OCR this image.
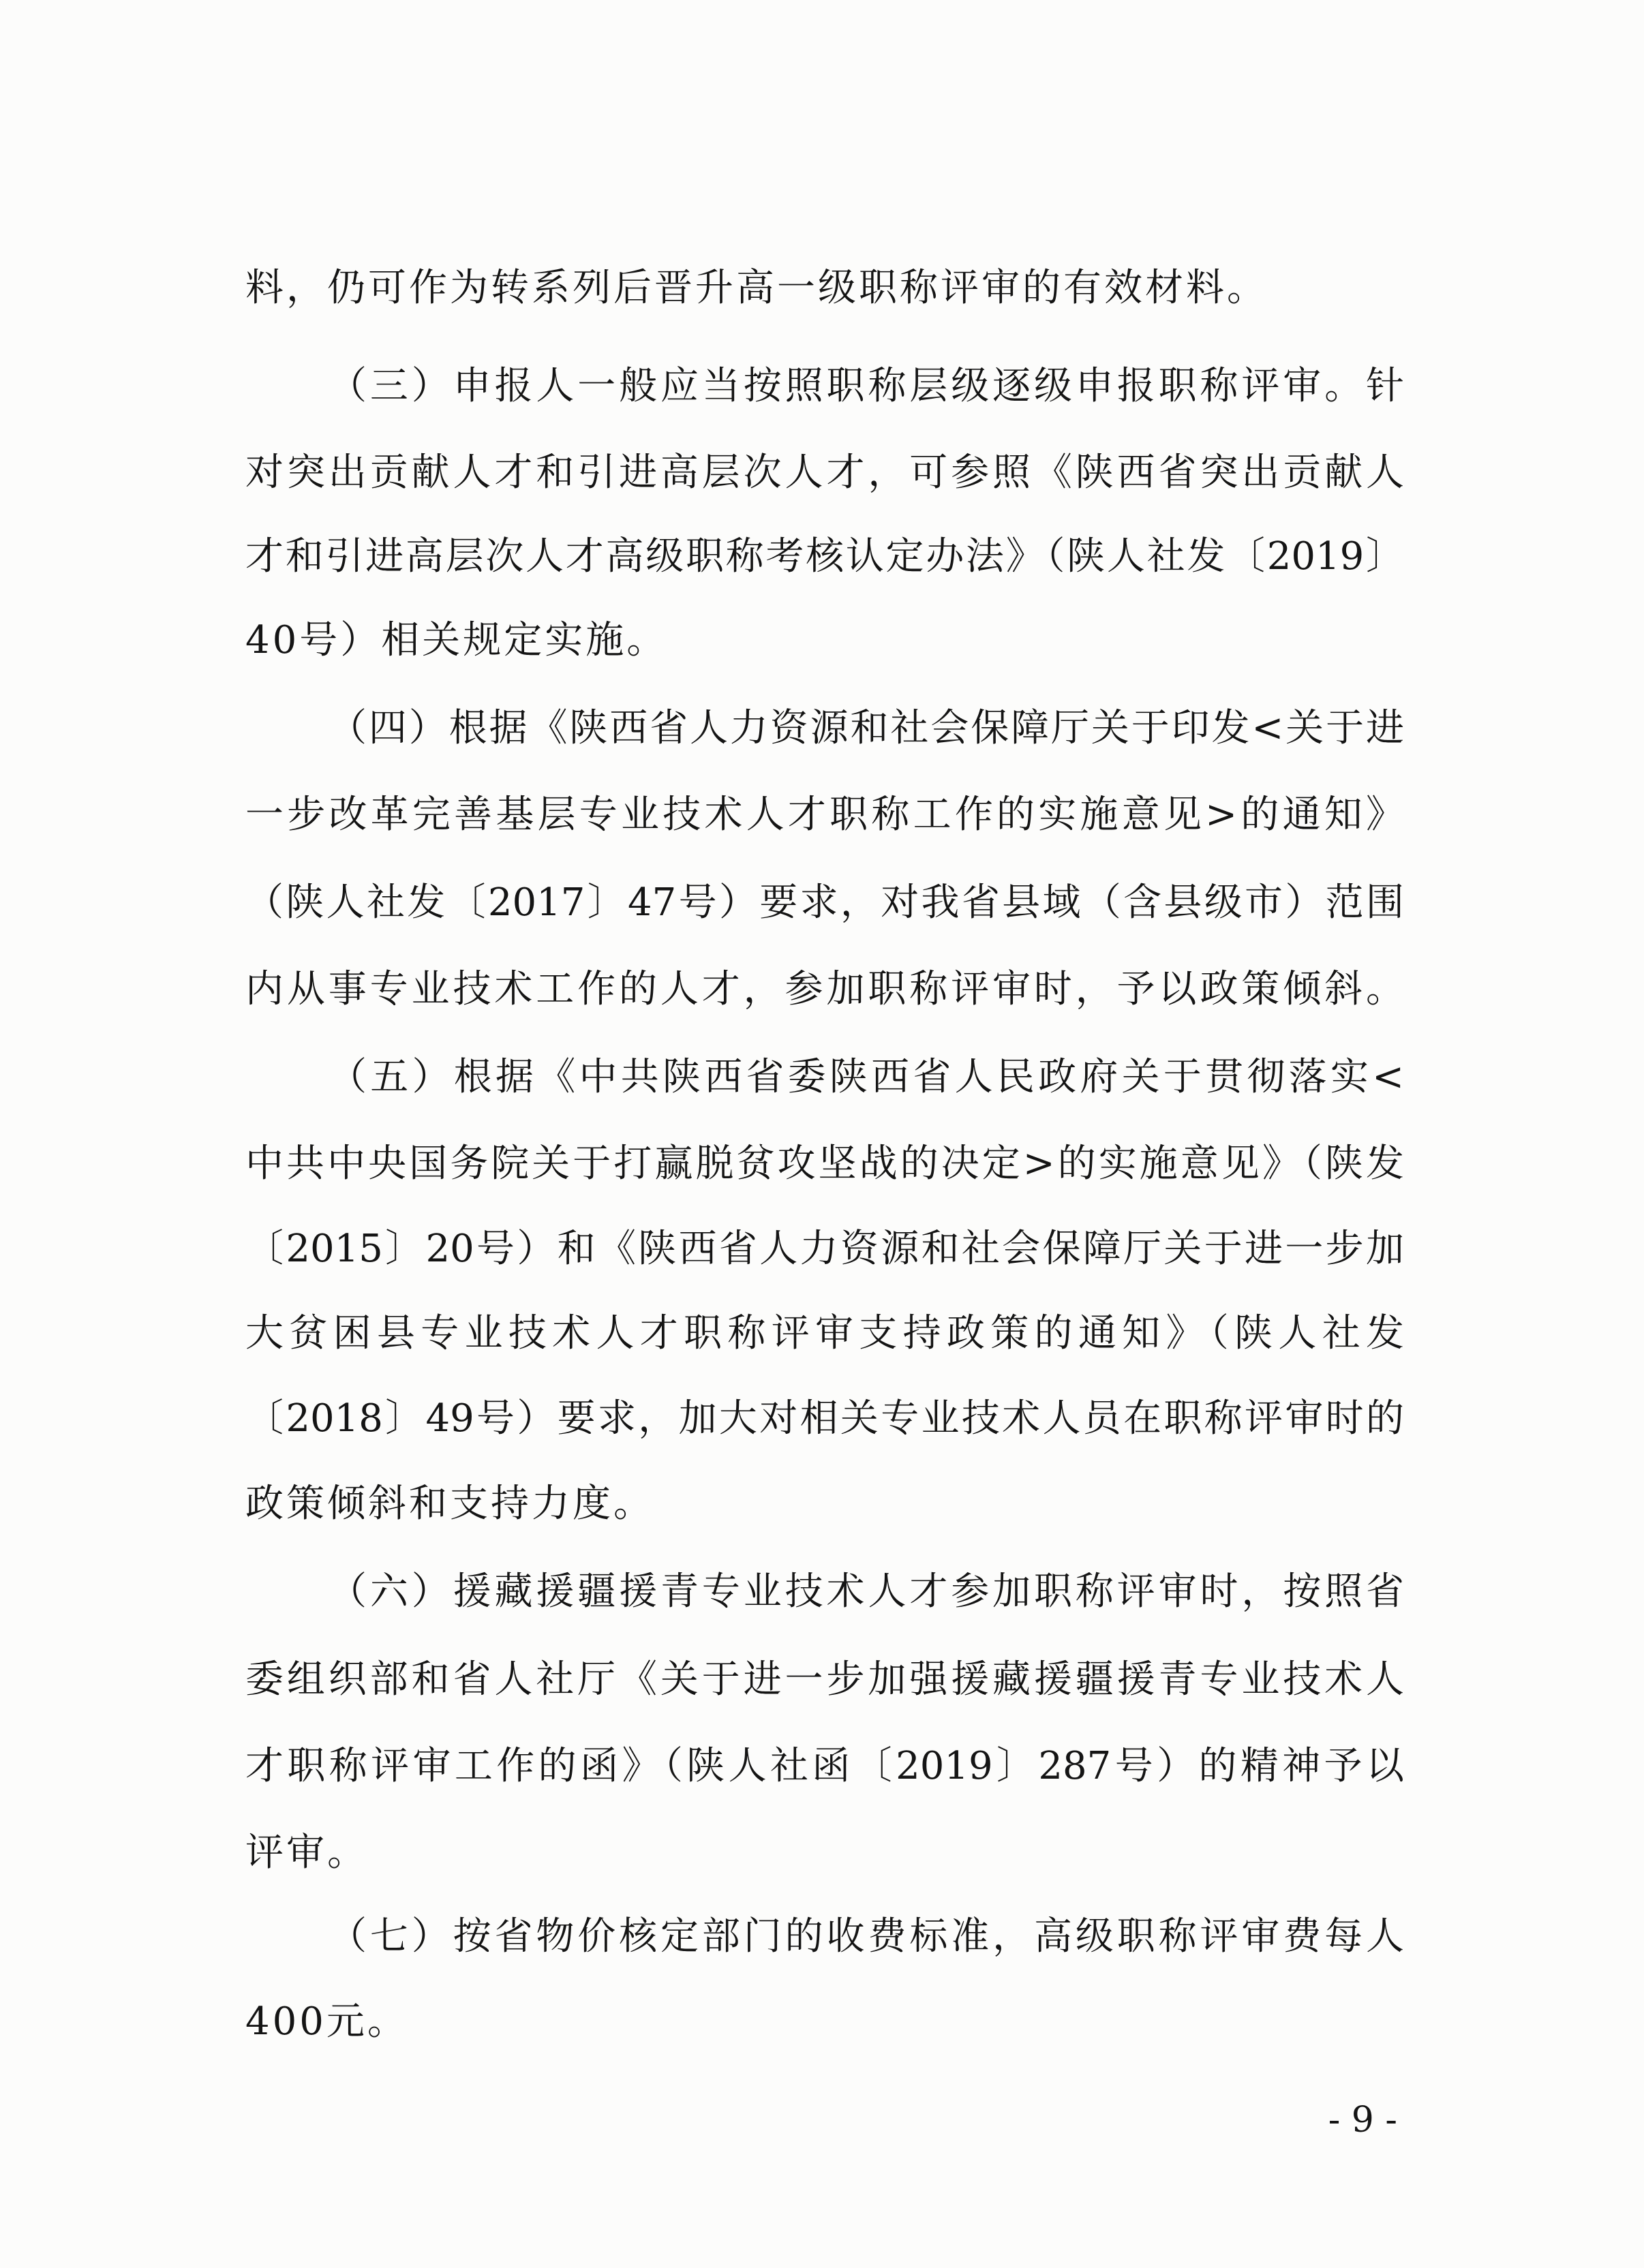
料，仍可作为转系列后晋升高一级职称评审的有效材料。
（三）申报人一般应当按照职称层级逐级申报职称评审。针
对突出贡献人才和引进高层次人才，可参照《陕西省突出贡献人
才和引进高层次人才高级职称考核认定办法》（陕人社发〔2019〕
40号）相关规定实施。
（四）根据《陕西省人力资源和社会保障厅关于印发<关于进
一步改革完善基层专业技术人才职称工作的实施意见>的通知》
（陕人社发〔2017〕47号）要求，对我省县域（含县级市）范围
内从事专业技术工作的人才，参加职称评审时，予以政策倾斜。
（五）根据《中共陕西省委陕西省人民政府关于贯彻落实<
中共中央国务院关于打赢脱贫攻坚战的决定>的实施意见》（陕发
〔2015〕20号）和《陕西省人力资源和社会保障厅关于进一步加
大贫困县专业技术人才职称评审支持政策的通知》（陕人社发
〔2018〕49号）要求，加大对相关专业技术人员在职称评审时的
政策倾斜和支持力度。
（六）援藏援疆援青专业技术人才参加职称评审时，按照省
委组织部和省人社厅《关于进一步加强援藏援疆援青专业技术人
才职称评审工作的函》（陕人社函〔2019〕287号）的精神予以
评审。
（七）按省物价核定部门的收费标准，高级职称评审费每人
400元。
- 9 -
